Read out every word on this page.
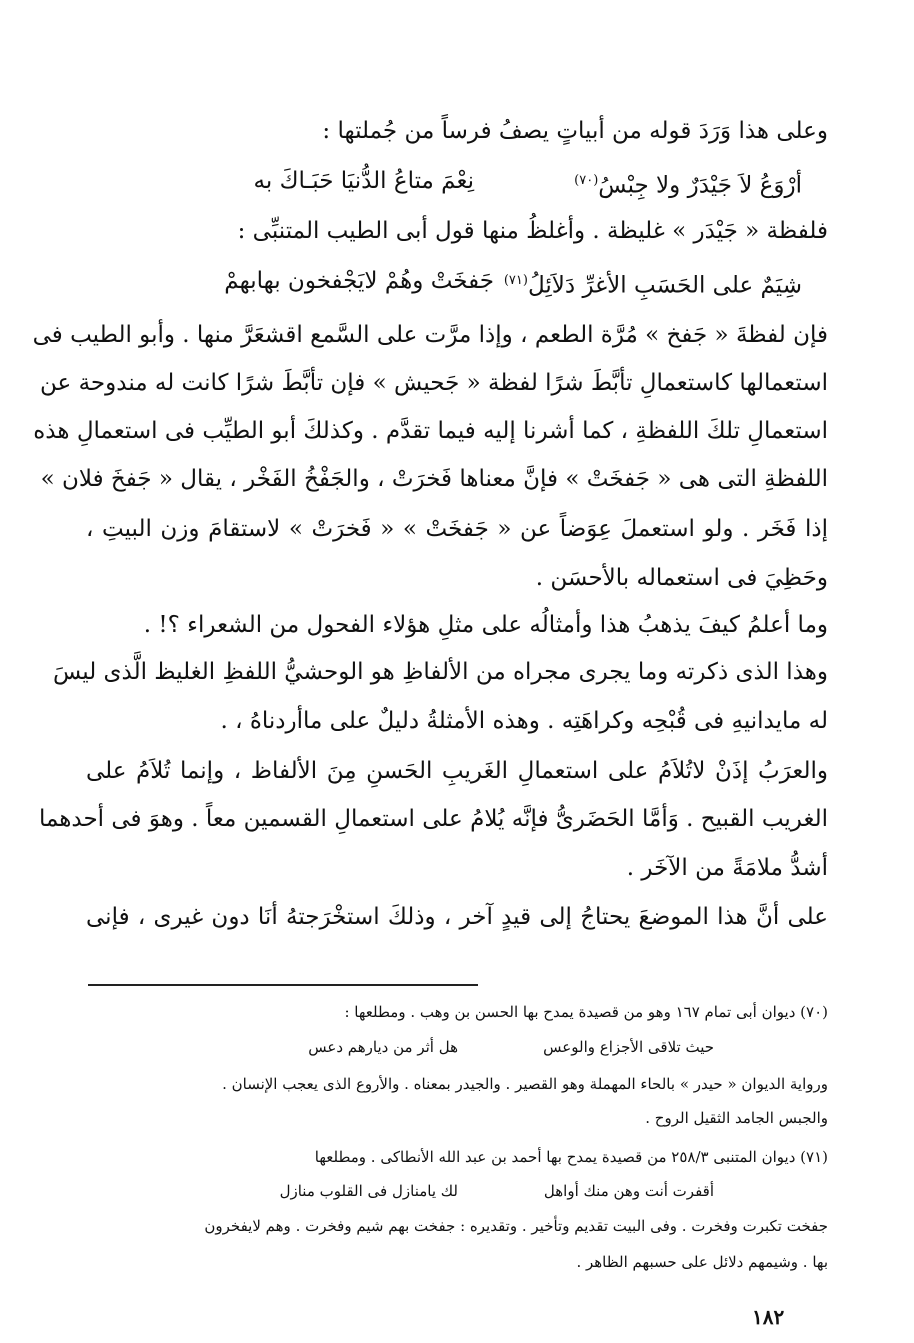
وعلى هذا وَرَدَ قوله من أبياتٍ يصفُ فرساً من جُملتها :
نِعْمَ متاعُ الدُّنيَا حَبَـاكَ به	أرْوَعُ لاَ جَيْدَرٌ ولا جِبْسُ$^{(٧٠)}$
فلفظة « جَيْدَر » غليظة . وأغلظُ منها قول أبى الطيب المتنبِّى :
جَفخَتْ وهُمْ لايَجْفخون بهابهمْ	شِيَمٌ على الحَسَبِ الأغرِّ دَلاَئِلُ$^{(٧١)}$
فإن لفظةَ « جَفخ » مُرَّة الطعم ، وإذا مرَّت على السَّمع اقشعَرَّ منها . وأبو الطيب فى
استعمالها كاستعمالِ تأبَّطَ شرًا لفظة « جَحيش » فإن تأبَّطَ شرًا كانت له مندوحة عن
استعمالِ تلكَ اللفظةِ ، كما أشرنا إليه فيما تقدَّم . وكذلكَ أبو الطيِّب فى استعمالِ هذه
اللفظةِ التى هى « جَفخَتْ » فإنَّ معناها فَخرَتْ ، والجَفْخُ الفَخْر ، يقال « جَفخَ فلان »
إذا فَخَر . ولو استعملَ عِوَضاً عن « جَفخَتْ » « فَخرَتْ » لاستقامَ وزن البيتِ ،
وحَظِيَ فى استعماله بالأحسَن .
وما أعلمُ كيفَ يذهبُ هذا وأمثالُه على مثلِ هؤلاء الفحول من الشعراء ؟! .
وهذا الذى ذكرته وما يجرى مجراه من الألفاظِ هو الوحشيُّ اللفظِ الغليظ الَّذى ليسَ
له مايدانيهِ فى قُبْحِه وكراهَتِه . وهذه الأمثلةُ دليلٌ على ماأردناهُ ، .
والعرَبُ إذَنْ لاتُلاَمُ على استعمالِ الغَريبِ الحَسنِ مِنَ الألفاظ ، وإنما تُلاَمُ على
الغريب القبيح . وَأمَّا الحَضَرىُّ فإنَّه يُلامُ على استعمالِ القسمين معاً . وهوَ فى أحدهما
أشدُّ ملامَةً من الآخَر .
على أنَّ هذا الموضعَ يحتاجُ إلى قيدٍ آخر ، وذلكَ استخْرَجتهُ أنَا دون غيرى ، فإنى
(٧٠) ديوان أبى تمام ١٦٧ وهو من قصيدة يمدح بها الحسن بن وهب . ومطلعها :
هل أثر من ديارهم دعس	حيث تلاقى الأجزاع والوعس
ورواية الديوان « حيدر » بالحاء المهملة وهو القصير . والجيدر بمعناه . والأروع الذى يعجب الإنسان .
والجبس الجامد الثقيل الروح .
(٧١) ديوان المتنبى ٢٥٨/٣ من قصيدة يمدح بها أحمد بن عبد الله الأنطاكى . ومطلعها
لك يامنازل فى القلوب منازل	أقفرت أنت وهن منك أواهل
جفخت تكبرت وفخرت . وفى البيت تقديم وتأخير . وتقديره : جفخت بهم شيم وفخرت . وهم لايفخرون
بها . وشيمهم دلائل على حسبهم الظاهر .
١٨٢
